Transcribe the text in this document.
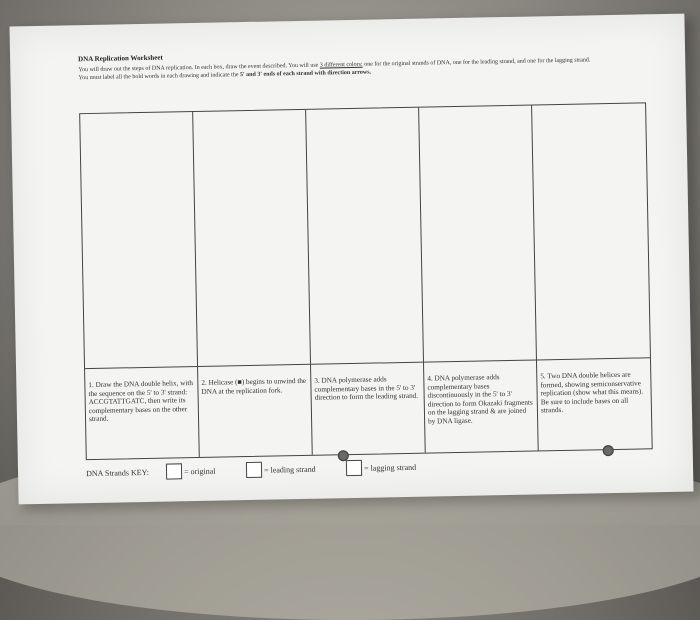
DNA Replication Worksheet
You will draw out the steps of DNA replication. In each box, draw the event described. You will use 3 different colors: one for the original strands of DNA, one for the leading strand, and one for the lagging strand. You must label all the bold words in each drawing and indicate the 5' and 3' ends of each strand with direction arrows.
1. Draw the DNA double helix, with the sequence on the 5' to 3' strand: ACCGTATTGATC, then write its complementary bases on the other strand.
2. Helicase (■) begins to unwind the DNA at the replication fork.
3. DNA polymerase adds complementary bases in the 5' to 3' direction to form the leading strand.
4. DNA polymerase adds complementary bases discontinuously in the 5' to 3' direction to form Okazaki fragments on the lagging strand & are joined by DNA ligase.
5. Two DNA double helices are formed, showing semiconservative replication (show what this means). Be sure to include bases on all strands.
DNA Strands KEY:	= original	= leading strand	= lagging strand
